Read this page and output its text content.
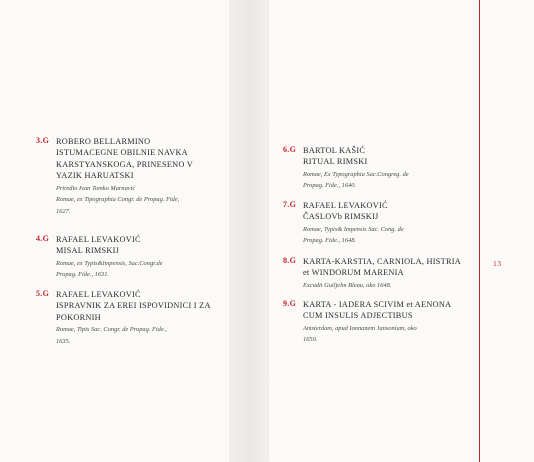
13
3.G ROBERO BELLARMINO
ISTUMACEGNE OBILNIE NAVKA
KARSTYANSKOGA, PRINESENO V
YAZIK HARUATSKI
Priredio Ivan Tomko Marnavić
Romae, ex Tipographia Congr. de Propag. Fide,
1627.
4.G RAFAEL LEVAKOVIĆ
MISAL RIMSKIJ
Romae, ex Typis&Impensis, Sac.Congr.de
Propag. Fide., 1631.
5.G RAFAEL LEVAKOVIĆ
ISPRAVNIK ZA EREI ISPOVIDNICI I ZA
POKORNIH
Romae, Tipis Sac. Congr. de Propag. Fide.,
1635.
6.G BARTOL KAŠIĆ
RITUAL RIMSKI
Romae, Ex Typographia Sac.Congreg. de
Propag. Fide., 1640.
7.G RAFAEL LEVAKOVIĆ
ČASLOVb RIMSKIJ
Romae, Typis& Impensis Sac. Cong. de
Propag. Fide., 1648.
8.G KARTA-KARSTIA, CARNIOLA, HISTRIA
et WINDORUM MARENIA
Excudit Guiljelm Bleau, oko 1648.
9.G KARTA - IADERA SCIVIM et AENONA
CUM INSULIS ADJECTIBUS
Amsterdam, apud Ionnanem Jansonium, oko
1650.
